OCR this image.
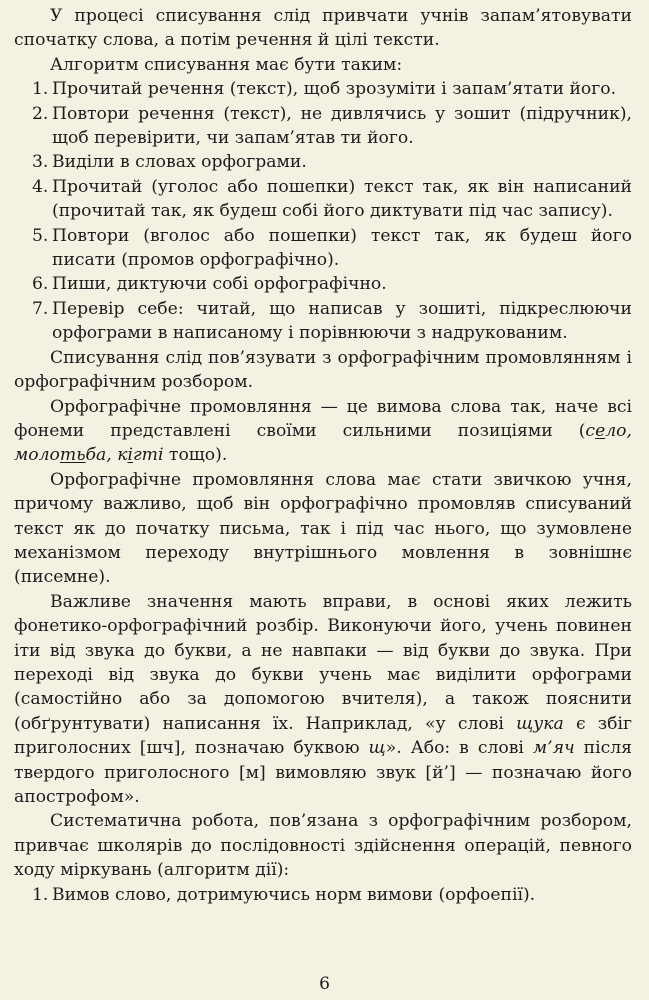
У процесі списування слід привчати учнів запам’ятовувати спочатку слова, а потім речення й цілі тексти.

Алгоритм списування має бути таким:

1. Прочитай речення (текст), щоб зрозуміти і запам’ятати його.
2. Повтори речення (текст), не дивлячись у зошит (підручник), щоб перевірити, чи запам’ятав ти його.
3. Виділи в словах орфограми.
4. Прочитай (уголос або пошепки) текст так, як він написаний (прочитай так, як будеш собі його диктувати під час запису).
5. Повтори (вголос або пошепки) текст так, як будеш його писати (промов орфографічно).
6. Пиши, диктуючи собі орфографічно.
7. Перевір себе: читай, що написав у зошиті, підкреслюючи орфограми в написаному і порівнюючи з надрукованим.

Списування слід пов’язувати з орфографічним промовлянням і орфографічним розбором.

Орфографічне промовляння — це вимова слова так, наче всі фонеми представлені своїми сильними позиціями (село, молотьба, кігті тощо).

Орфографічне промовляння слова має стати звичкою учня, причому важливо, щоб він орфографічно промовляв списуваний текст як до початку письма, так і під час нього, що зумовлене механізмом переходу внутрішнього мовлення в зовнішнє (писемне).

Важливе значення мають вправи, в основі яких лежить фонетико-орфографічний розбір. Виконуючи його, учень повинен іти від звука до букви, а не навпаки — від букви до звука. При переході від звука до букви учень має виділити орфограми (самостійно або за допомогою вчителя), а також пояснити (обґрунтувати) написання їх. Наприклад, «у слові щука є збіг приголосних [шч], позначаю буквою щ». Або: в слові м’яч після твердого приголосного [м] вимовляю звук [й’] — позначаю його апострофом».

Систематична робота, пов’язана з орфографічним розбором, привчає школярів до послідовності здійснення операцій, певного ходу міркувань (алгоритм дії):

1. Вимов слово, дотримуючись норм вимови (орфоепії).
6
